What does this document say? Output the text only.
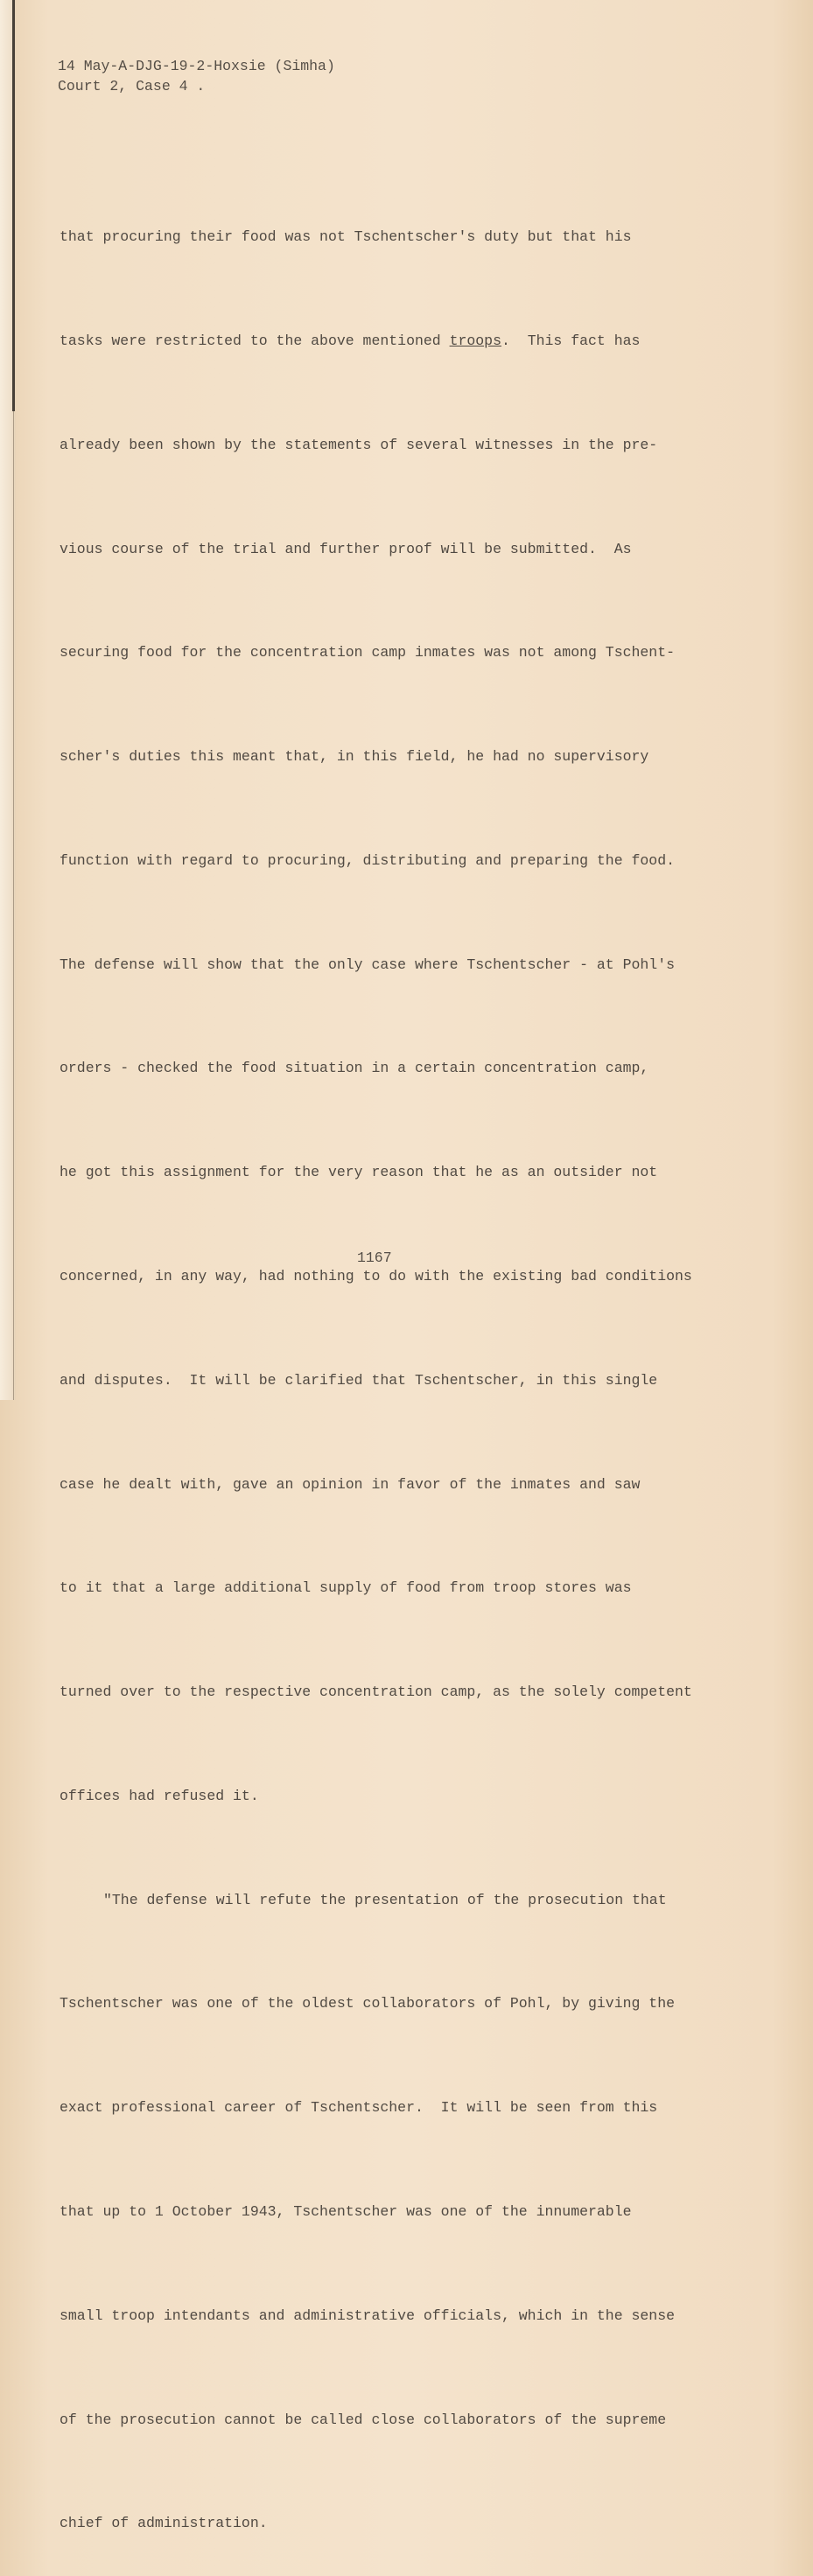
14 May-A-DJG-19-2-Hoxsie (Simha)
Court 2, Case 4 .

that procuring their food was not Tschentscher's duty but that his

tasks were restricted to the above mentioned troops.  This fact has

already been shown by the statements of several witnesses in the pre-

vious course of the trial and further proof will be submitted.  As

securing food for the concentration camp inmates was not among Tschent-

scher's duties this meant that, in this field, he had no supervisory

function with regard to procuring, distributing and preparing the food.

The defense will show that the only case where Tschentscher - at Pohl's

orders - checked the food situation in a certain concentration camp,

he got this assignment for the very reason that he as an outsider not

concerned, in any way, had nothing to do with the existing bad conditions

and disputes.  It will be clarified that Tschentscher, in this single

case he dealt with, gave an opinion in favor of the inmates and saw

to it that a large additional supply of food from troop stores was

turned over to the respective concentration camp, as the solely competent

offices had refused it.

"The defense will refute the presentation of the prosecution that

Tschentscher was one of the oldest collaborators of Pohl, by giving the

exact professional career of Tschentscher.  It will be seen from this

that up to 1 October 1943, Tschentscher was one of the innumerable

small troop intendants and administrative officials, which in the sense

of the prosecution cannot be called close collaborators of the supreme

chief of administration.

1167
